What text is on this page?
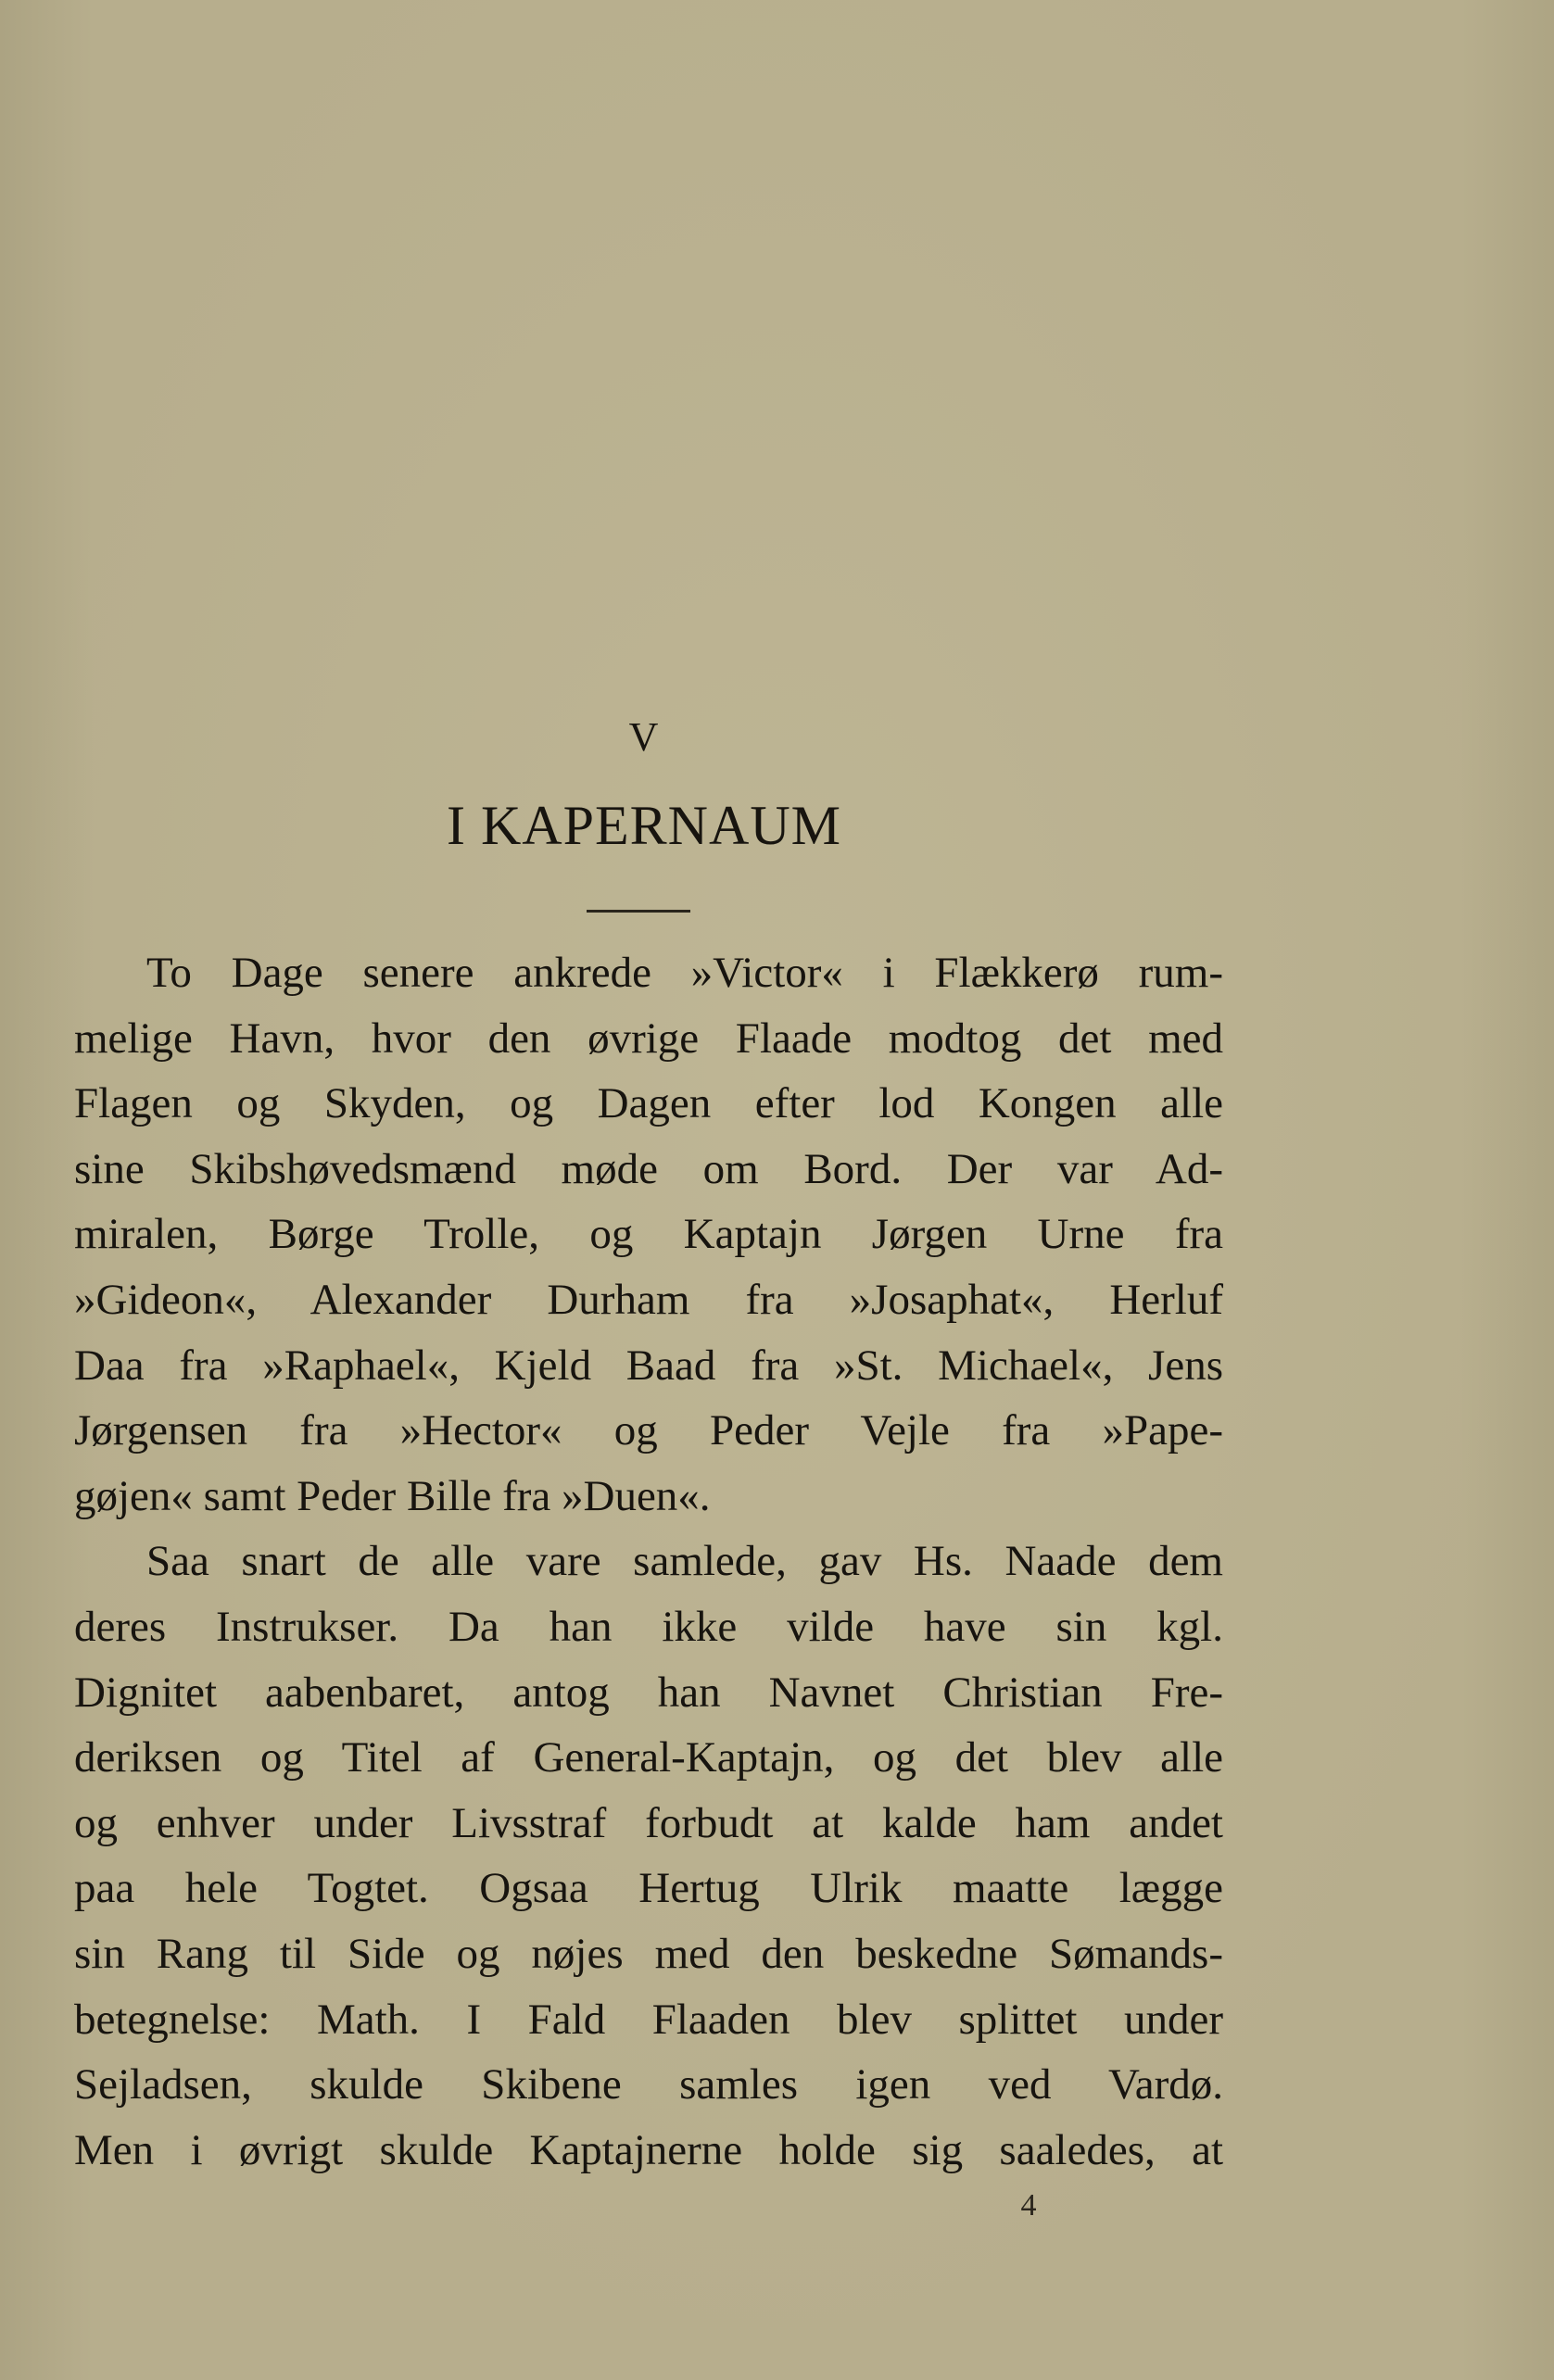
V
I KAPERNAUM
To Dage senere ankrede »Victor« i Flækkerø rum-
melige Havn, hvor den øvrige Flaade modtog det med
Flagen og Skyden, og Dagen efter lod Kongen alle
sine Skibshøvedsmænd møde om Bord. Der var Ad-
miralen, Børge Trolle, og Kaptajn Jørgen Urne fra
»Gideon«, Alexander Durham fra »Josaphat«, Herluf
Daa fra »Raphael«, Kjeld Baad fra »St. Michael«, Jens
Jørgensen fra »Hector« og Peder Vejle fra »Pape-
gøjen« samt Peder Bille fra »Duen«.
Saa snart de alle vare samlede, gav Hs. Naade dem
deres Instrukser. Da han ikke vilde have sin kgl.
Dignitet aabenbaret, antog han Navnet Christian Fre-
deriksen og Titel af General-Kaptajn, og det blev alle
og enhver under Livsstraf forbudt at kalde ham andet
paa hele Togtet. Ogsaa Hertug Ulrik maatte lægge
sin Rang til Side og nøjes med den beskedne Sømands-
betegnelse: Math. I Fald Flaaden blev splittet under
Sejladsen, skulde Skibene samles igen ved Vardø.
Men i øvrigt skulde Kaptajnerne holde sig saaledes, at
4
